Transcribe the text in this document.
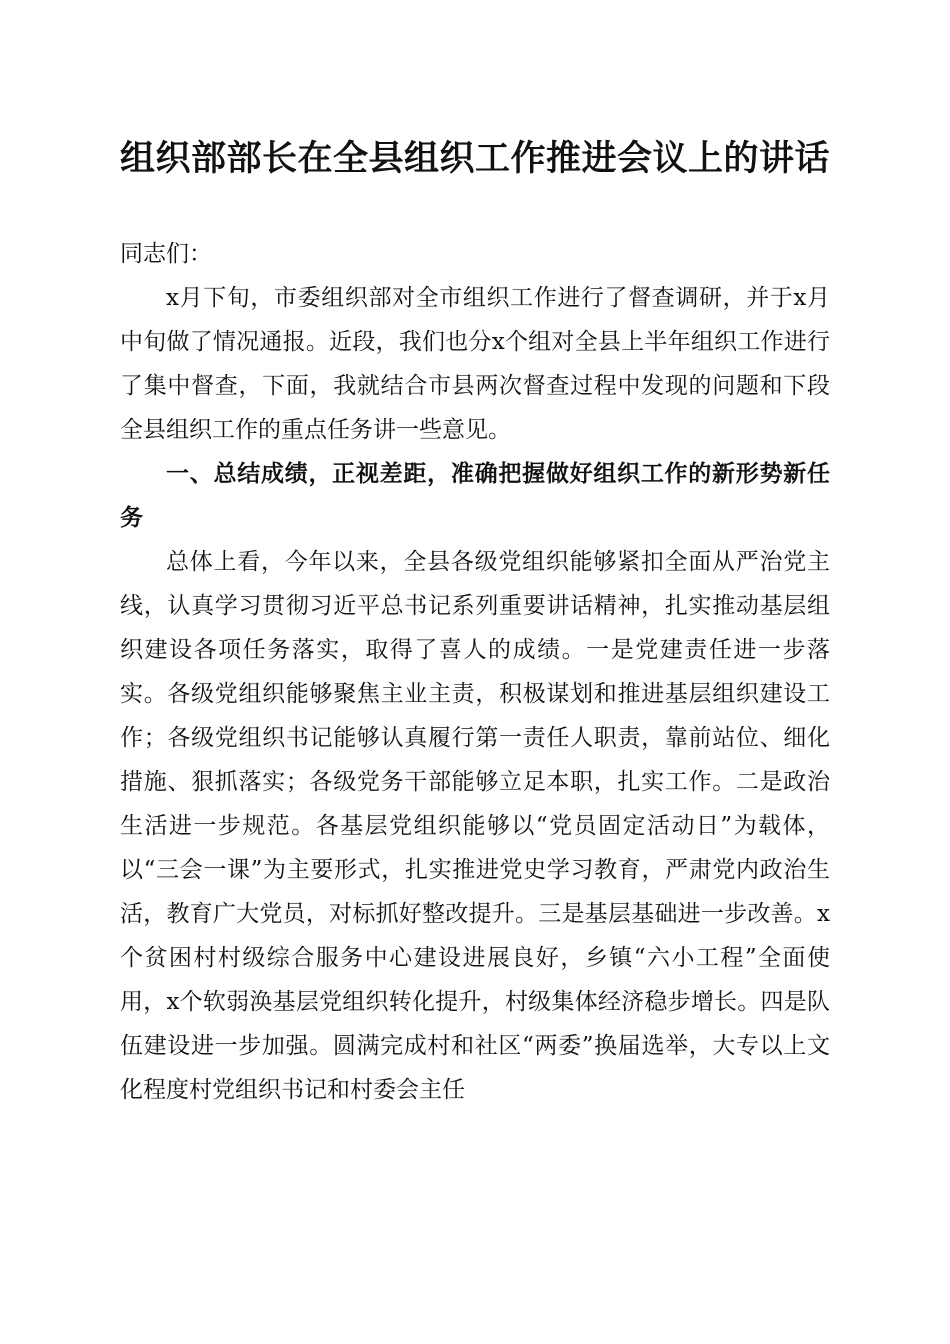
组织部部长在全县组织工作推进会议上的讲话

同志们：

x月下旬，市委组织部对全市组织工作进行了督查调研，并于x月中旬做了情况通报。近段，我们也分x个组对全县上半年组织工作进行了集中督查，下面，我就结合市县两次督查过程中发现的问题和下段全县组织工作的重点任务讲一些意见。

一、总结成绩，正视差距，准确把握做好组织工作的新形势新任务

总体上看，今年以来，全县各级党组织能够紧扣全面从严治党主线，认真学习贯彻习近平总书记系列重要讲话精神，扎实推动基层组织建设各项任务落实，取得了喜人的成绩。一是党建责任进一步落实。各级党组织能够聚焦主业主责，积极谋划和推进基层组织建设工作；各级党组织书记能够认真履行第一责任人职责，靠前站位、细化措施、狠抓落实；各级党务干部能够立足本职，扎实工作。二是政治生活进一步规范。各基层党组织能够以“党员固定活动日”为载体，以“三会一课”为主要形式，扎实推进党史学习教育，严肃党内政治生活，教育广大党员，对标抓好整改提升。三是基层基础进一步改善。x个贫困村村级综合服务中心建设进展良好，乡镇“六小工程”全面使用，x个软弱涣基层党组织转化提升，村级集体经济稳步增长。四是队伍建设进一步加强。圆满完成村和社区“两委”换届选举，大专以上文化程度村党组织书记和村委会主任
